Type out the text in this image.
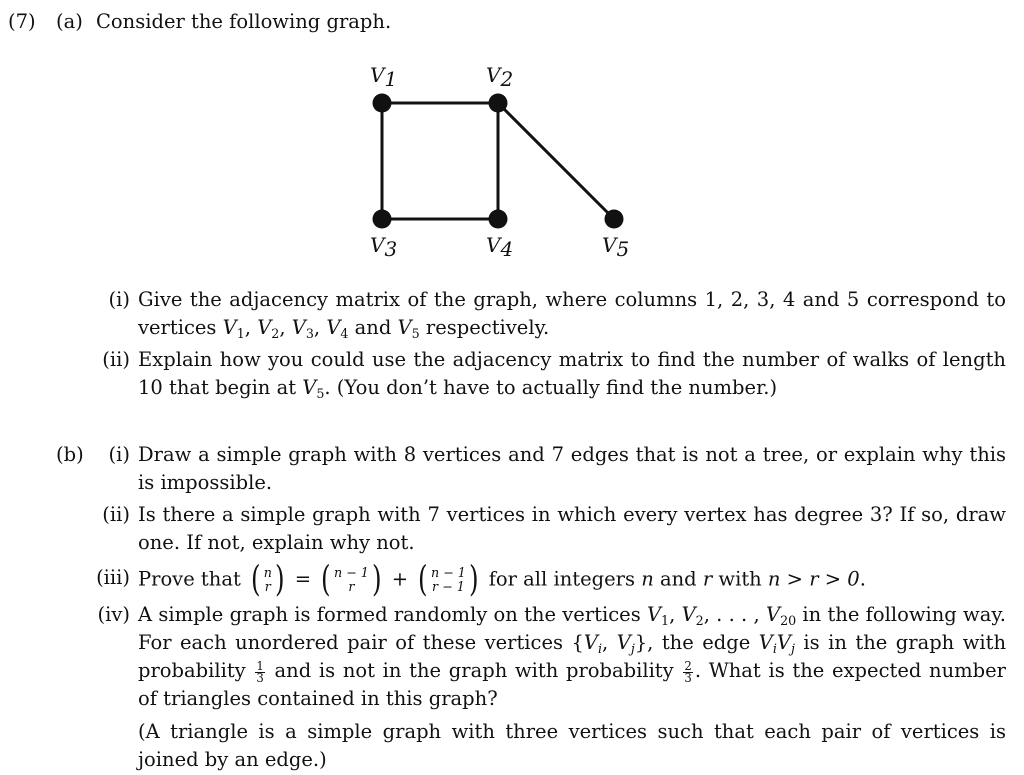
(7) (a) Consider the following graph.
V1	V2
V3	V4	V5
(i) Give the adjacency matrix of the graph, where columns 1, 2, 3, 4 and 5 correspond to vertices $V_1$, $V_2$, $V_3$, $V_4$ and $V_5$ respectively.
(ii) Explain how you could use the adjacency matrix to find the number of walks of length 10 that begin at $V_5$. (You don’t have to actually find the number.)
(b)	(i) Draw a simple graph with 8 vertices and 7 edges that is not a tree, or explain why this is impossible.
(ii) Is there a simple graph with 7 vertices in which every vertex has degree 3? If so, draw one. If not, explain why not.
(iii) Prove that ( n
r ) = ( n − 1
r ) + ( n − 1
r − 1 ) for all integers n and r with n > r > 0.
(iv) A simple graph is formed randomly on the vertices $V_1$, $V_2$, . . . , $V_{20}$ in the following way. For each unordered pair of these vertices {$V_i$, $V_j$}, the edge $V_iV_j$ is in the graph with probability $\frac{1}{3}$ and is not in the graph with probability $\frac{2}{3}$ . What is the expected number of triangles contained in this graph?
(A triangle is a simple graph with three vertices such that each pair of vertices is joined by an edge.)
